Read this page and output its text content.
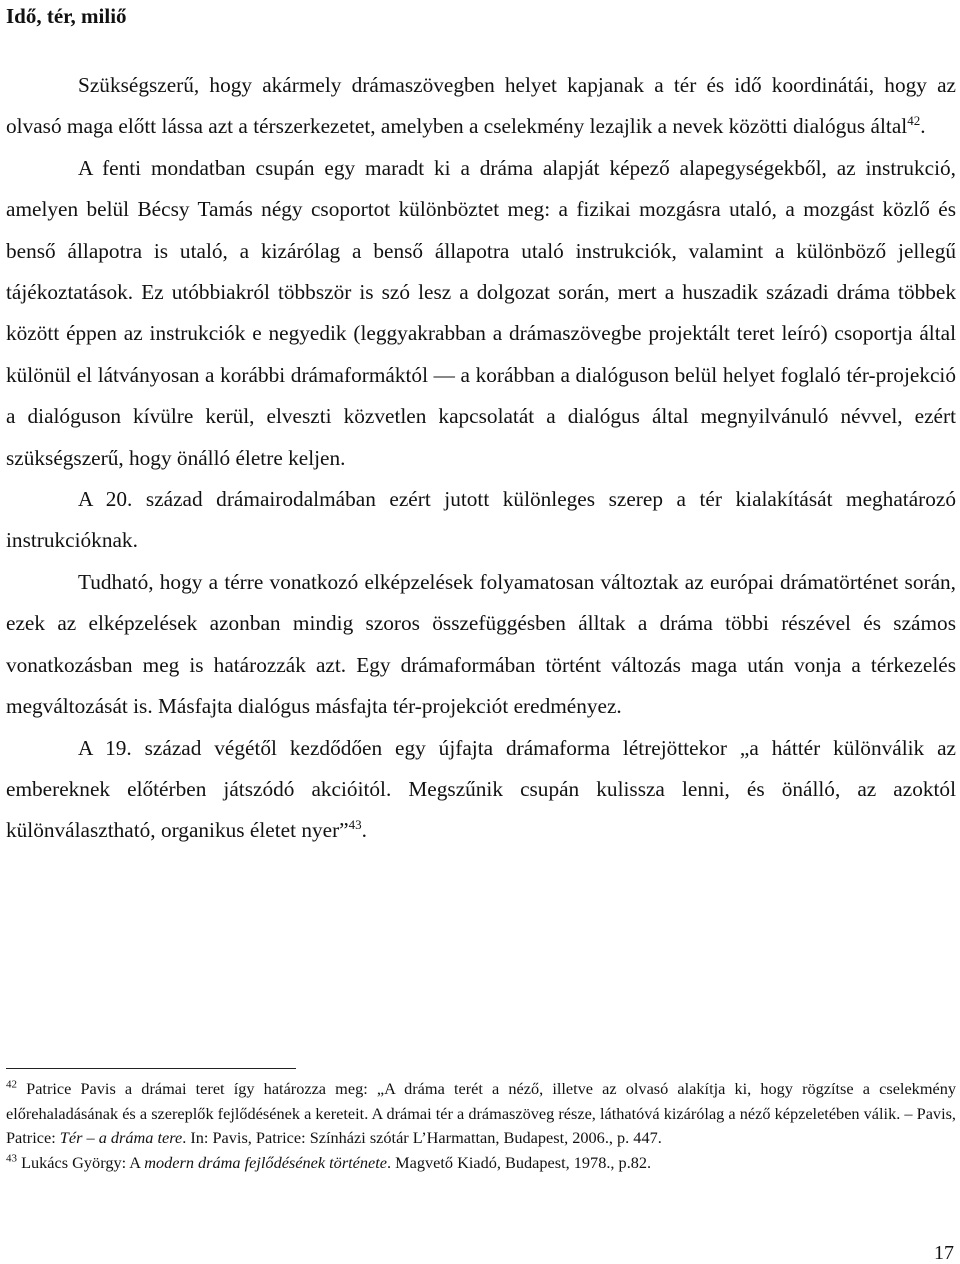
Idő, tér, miliő

Szükségszerű, hogy akármely drámaszövegben helyet kapjanak a tér és idő koordinátái, hogy az olvasó maga előtt lássa azt a térszerkezetet, amelyben a cselekmény lezajlik a nevek közötti dialógus által$^{42}$.

A fenti mondatban csupán egy maradt ki a dráma alapját képező alapegységekből, az instrukció, amelyen belül Bécsy Tamás négy csoportot különböztet meg: a fizikai mozgásra utaló, a mozgást közlő és benső állapotra is utaló, a kizárólag a benső állapotra utaló instrukciók, valamint a különböző jellegű tájékoztatások. Ez utóbbiakról többször is szó lesz a dolgozat során, mert a huszadik századi dráma többek között éppen az instrukciók e negyedik (leggyakrabban a drámaszövegbe projektált teret leíró) csoportja által különül el látványosan a korábbi drámaformáktól — a korábban a dialóguson belül helyet foglaló tér-projekció a dialóguson kívülre kerül, elveszti közvetlen kapcsolatát a dialógus által megnyilvánuló névvel, ezért szükségszerű, hogy önálló életre keljen.

A 20. század drámairodalmában ezért jutott különleges szerep a tér kialakítását meghatározó instrukcióknak.

Tudható, hogy a térre vonatkozó elképzelések folyamatosan változtak az európai drámatörténet során, ezek az elképzelések azonban mindig szoros összefüggésben álltak a dráma többi részével és számos vonatkozásban meg is határozzák azt. Egy drámaformában történt változás maga után vonja a térkezelés megváltozását is. Másfajta dialógus másfajta tér-projekciót eredményez.

A 19. század végétől kezdődően egy újfajta drámaforma létrejöttekor „a háttér különválik az embereknek előtérben játszódó akcióitól. Megszűnik csupán kulissza lenni, és önálló, az azoktól különválasztható, organikus életet nyer”$^{43}$.

$^{42}$ Patrice Pavis a drámai teret így határozza meg: „A dráma terét a néző, illetve az olvasó alakítja ki, hogy rögzítse a cselekmény előrehaladásának és a szereplők fejlődésének a kereteit. A drámai tér a drámaszöveg része, láthatóvá kizárólag a néző képzeletében válik. – Pavis, Patrice: Tér – a dráma tere. In: Pavis, Patrice: Színházi szótár L’Harmattan, Budapest, 2006., p. 447.

$^{43}$ Lukács György: A modern dráma fejlődésének története. Magvető Kiadó, Budapest, 1978., p.82.

17
